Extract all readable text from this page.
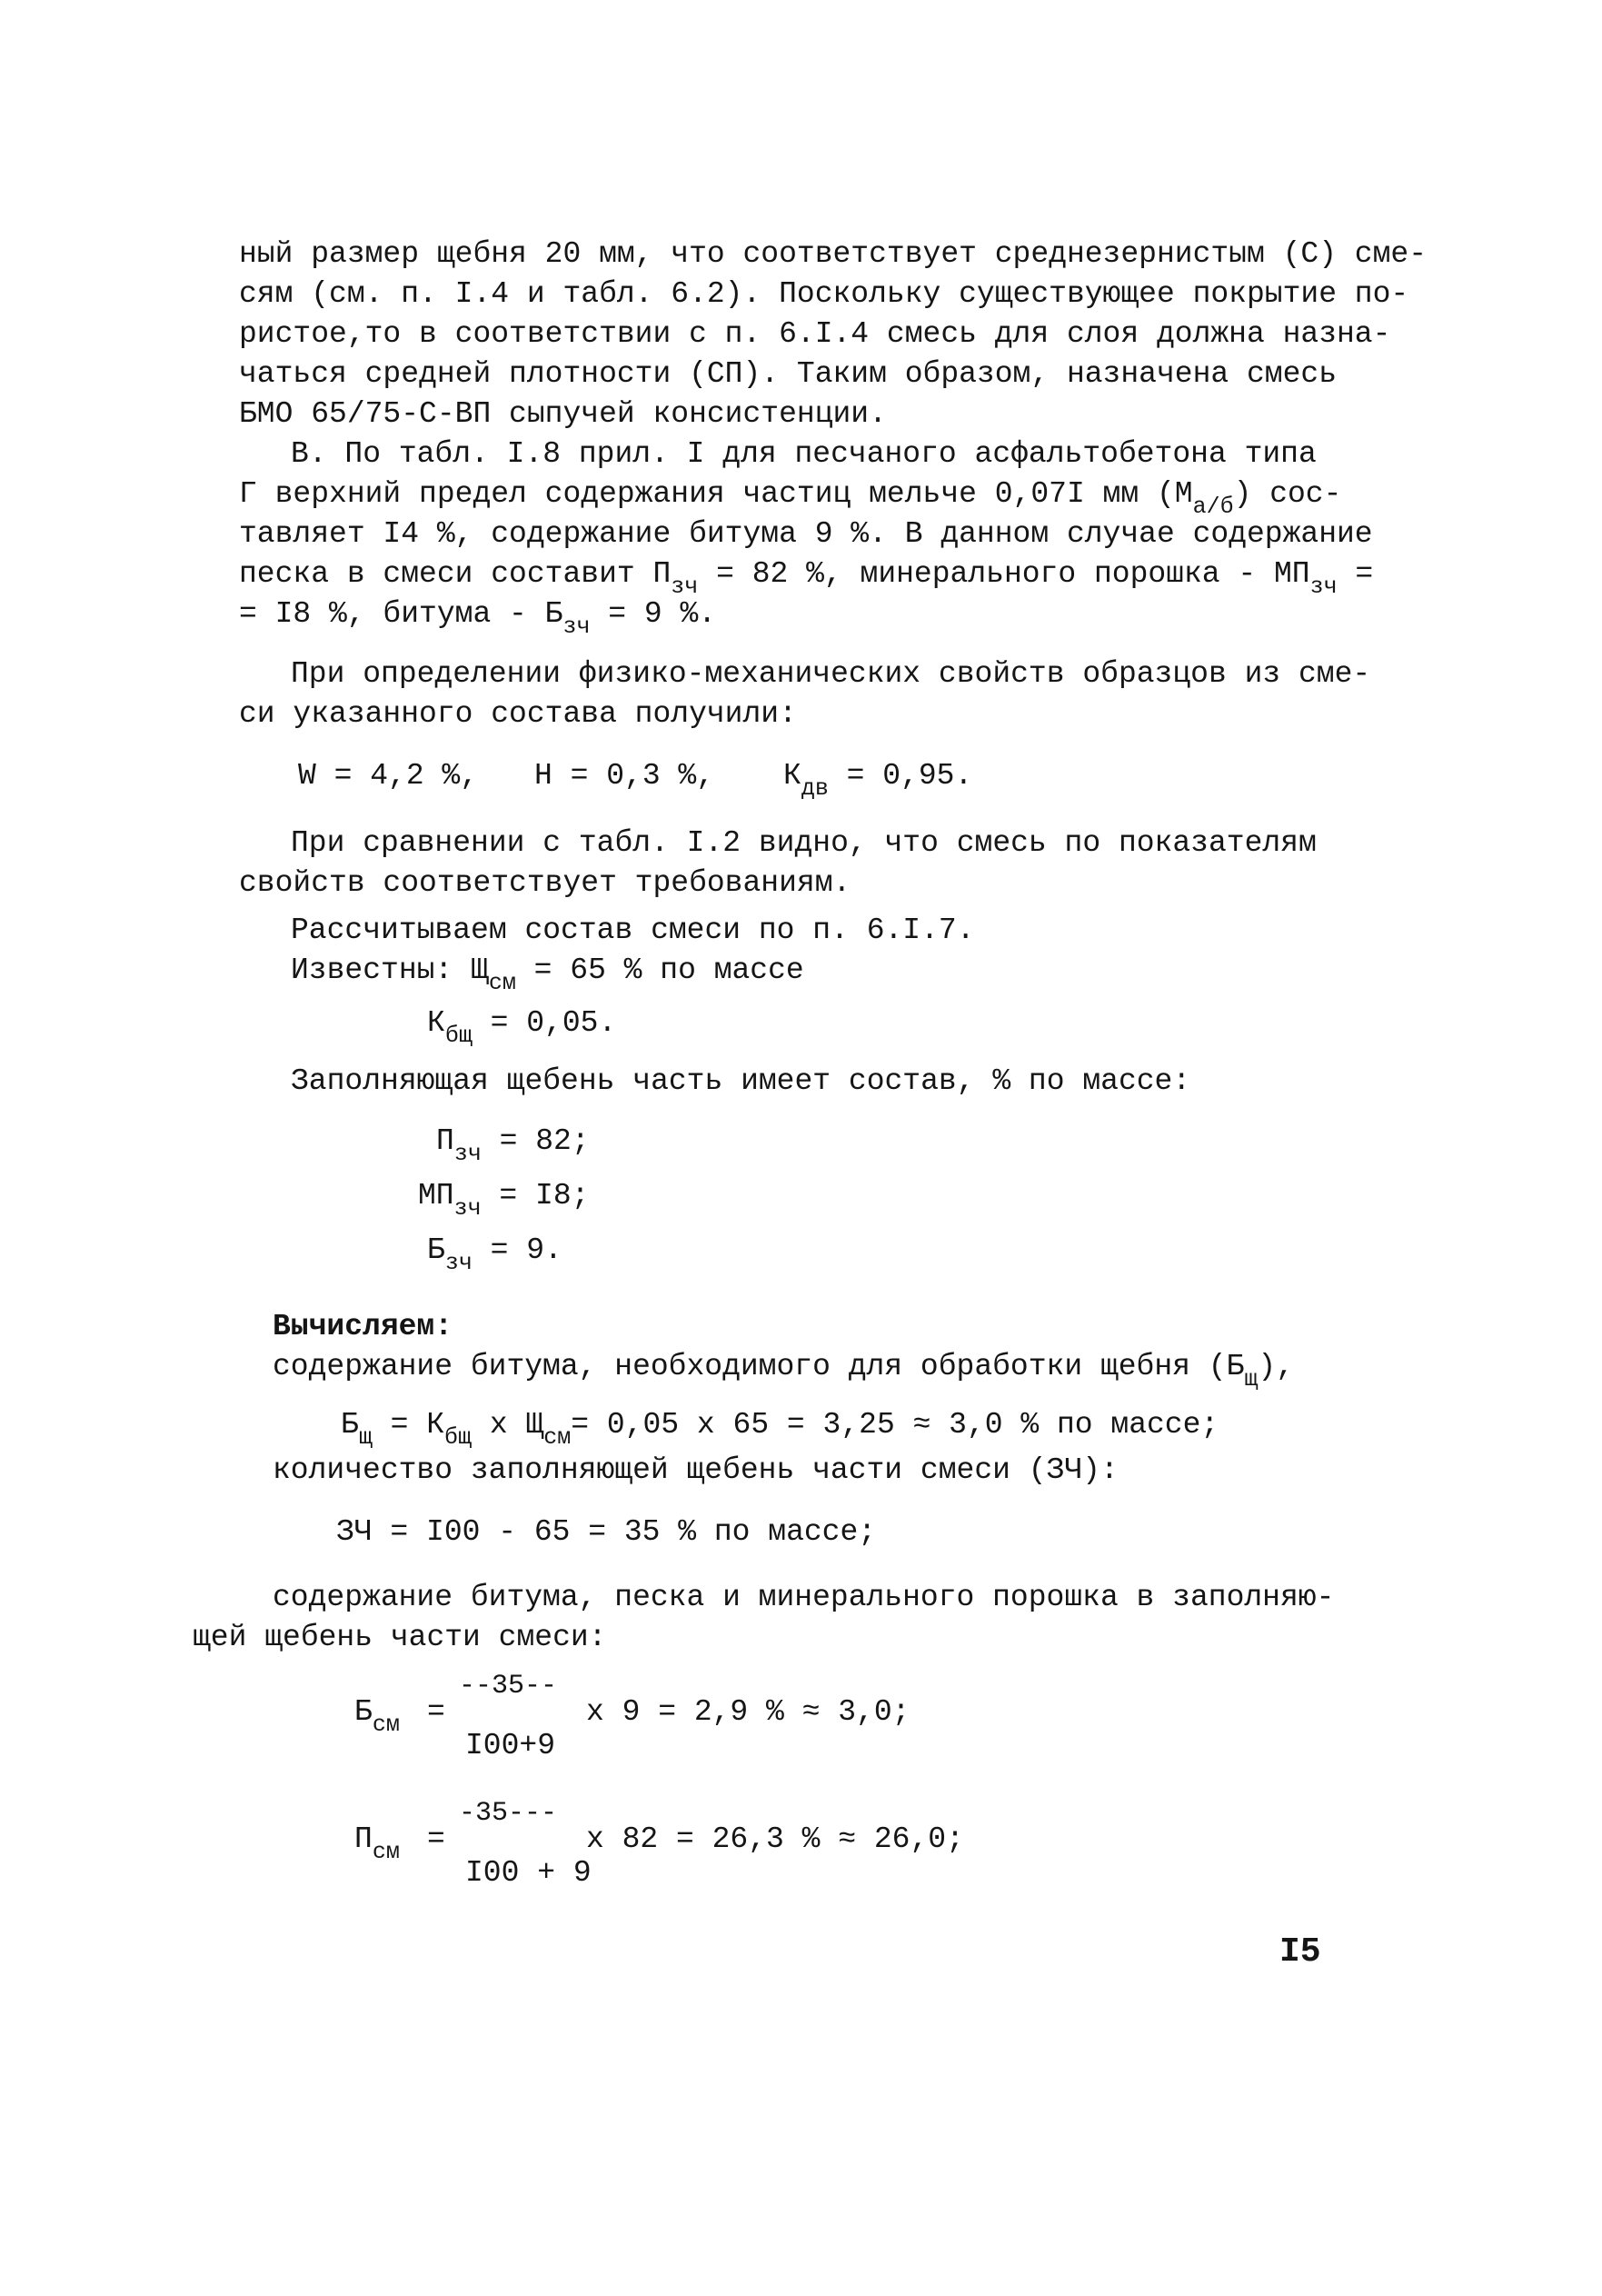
ный размер щебня 20 мм, что соответствует среднезернистым (С) сме-
сям (см. п. I.4 и табл. 6.2). Поскольку существующее покрытие по-
ристое,то в соответствии с п. 6.I.4 смесь для слоя должна назна-
чаться средней плотности (СП). Таким образом, назначена смесь
БМО 65/75-С-ВП сыпучей консистенции.
В. По табл. I.8 прил. I для песчаного асфальтобетона типа
Г верхний предел содержания частиц мельче 0,07I мм $(М_{а/б})$ сос-
тавляет I4 %, содержание битума 9 %. В данном случае содержание
песка в смеси составит $П_{зч} = 82$ %, минерального порошка - $МП_{зч}$ =
= I8 %, битума - $Б_{зч} = 9$ %.
При определении физико-механических свойств образцов из сме-
си указанного состава получили:
W = 4,2 %, Н = 0,3 %, $К_{дв} = 0,95$.
При сравнении с табл. I.2 видно, что смесь по показателям
свойств соответствует требованиям.
Рассчитываем состав смеси по п. 6.I.7.
Известны: $Щ_{см} = 65$ % по массе
$К_{бщ} = 0,05$.
Заполняющая щебень часть имеет состав, % по массе:
$П_{зч} = 82$;
$МП_{зч} = I8$;
$Б_{зч} = 9$.
Вычисляем:
содержание битума, необходимого для обработки щебня $(Б_щ)$,
$Б_щ = К_{бщ}$ х $Щ_{см}= 0,05$ х 65 = 3,25 ≈ 3,0 % по массе;
количество заполняющей щебень части смеси (ЗЧ):
ЗЧ = I00 - 65 = 35 % по массе;
содержание битума, песка и минерального порошка в заполняю-
щей щебень части смеси:
$Б_{см}$ =
--35--
I00+9
х 9 = 2,9 % ≈ 3,0;
$П_{см}$ =
-35---
I00 + 9
х 82 = 26,3 % ≈ 26,0;
I5
